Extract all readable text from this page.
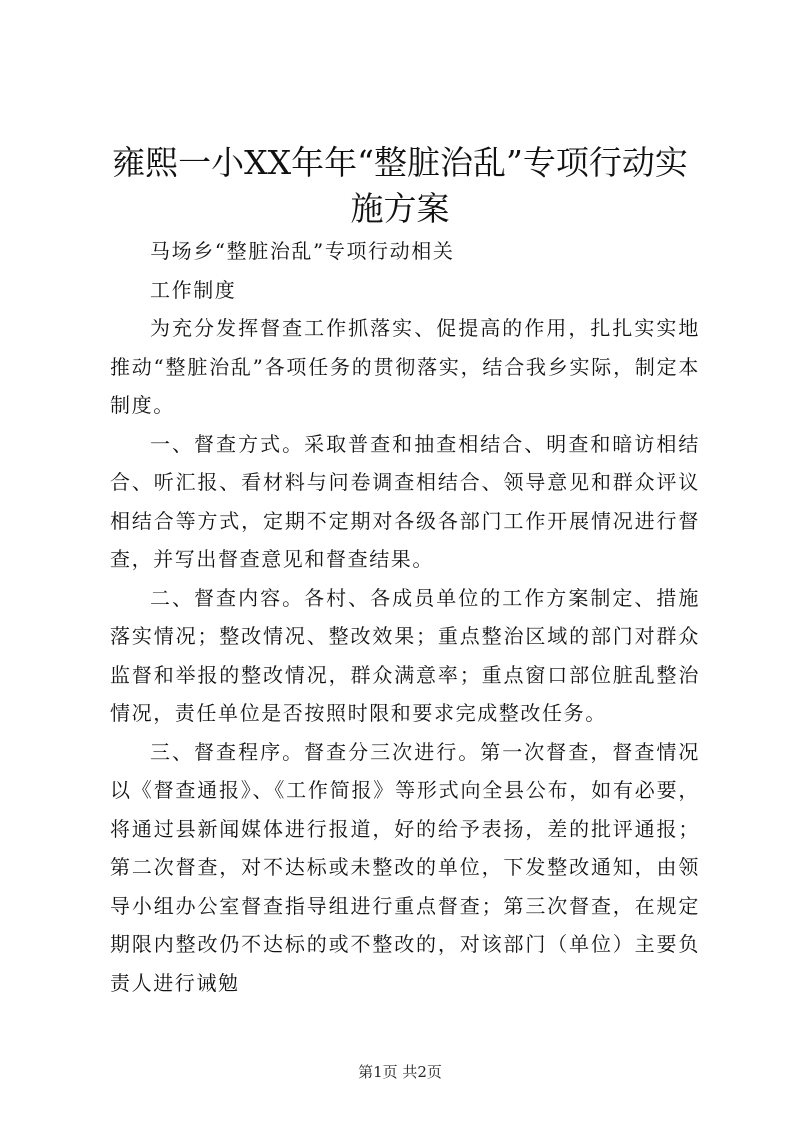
雍熙一小XX年年“整脏治乱”专项行动实施方案

马场乡“整脏治乱”专项行动相关

工作制度

为充分发挥督查工作抓落实、促提高的作用，扎扎实实地推动“整脏治乱”各项任务的贯彻落实，结合我乡实际，制定本制度。

一、督查方式。采取普查和抽查相结合、明查和暗访相结合、听汇报、看材料与问卷调查相结合、领导意见和群众评议相结合等方式，定期不定期对各级各部门工作开展情况进行督查，并写出督查意见和督查结果。

二、督查内容。各村、各成员单位的工作方案制定、措施落实情况；整改情况、整改效果；重点整治区域的部门对群众监督和举报的整改情况，群众满意率；重点窗口部位脏乱整治情况，责任单位是否按照时限和要求完成整改任务。

三、督查程序。督查分三次进行。第一次督查，督查情况以《督查通报》、《工作简报》等形式向全县公布，如有必要，将通过县新闻媒体进行报道，好的给予表扬，差的批评通报；第二次督查，对不达标或未整改的单位，下发整改通知，由领导小组办公室督查指导组进行重点督查；第三次督查，在规定期限内整改仍不达标的或不整改的，对该部门（单位）主要负责人进行诫勉

第1页 共2页
